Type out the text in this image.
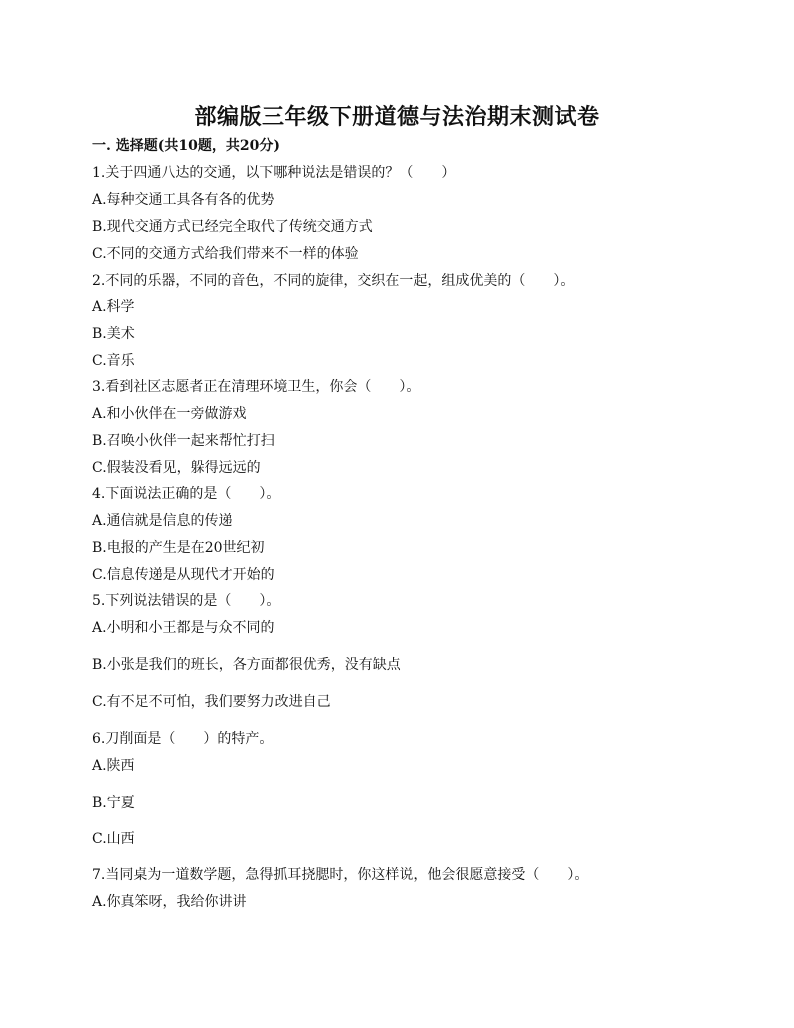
部编版三年级下册道德与法治期末测试卷
一. 选择题(共10题，共20分)
1.关于四通八达的交通，以下哪种说法是错误的？（　　）
A.每种交通工具各有各的优势
B.现代交通方式已经完全取代了传统交通方式
C.不同的交通方式给我们带来不一样的体验
2.不同的乐器，不同的音色，不同的旋律，交织在一起，组成优美的（　　）。
A.科学
B.美术
C.音乐
3.看到社区志愿者正在清理环境卫生，你会（　　）。
A.和小伙伴在一旁做游戏
B.召唤小伙伴一起来帮忙打扫
C.假装没看见，躲得远远的
4.下面说法正确的是（　　）。
A.通信就是信息的传递
B.电报的产生是在20世纪初
C.信息传递是从现代才开始的
5.下列说法错误的是（　　）。
A.小明和小王都是与众不同的
B.小张是我们的班长，各方面都很优秀，没有缺点
C.有不足不可怕，我们要努力改进自己
6.刀削面是（　　）的特产。
A.陕西
B.宁夏
C.山西
7.当同桌为一道数学题，急得抓耳挠腮时，你这样说，他会很愿意接受（　　）。
A.你真笨呀，我给你讲讲
